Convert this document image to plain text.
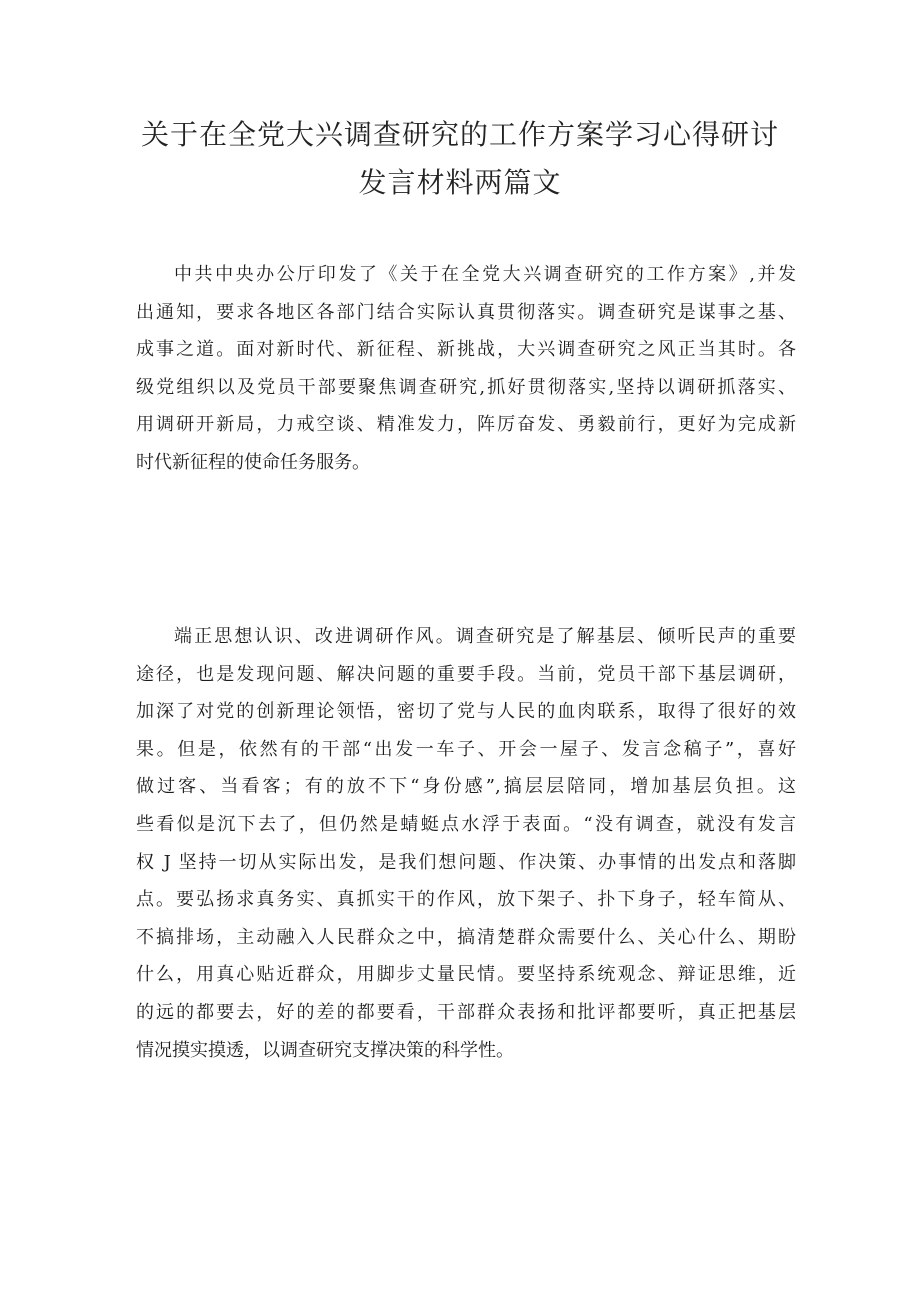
关于在全党大兴调查研究的工作方案学习心得研讨
发言材料两篇文
中共中央办公厅印发了《关于在全党大兴调查研究的工作方案》,并发
出通知，要求各地区各部门结合实际认真贯彻落实。调查研究是谋事之基、
成事之道。面对新时代、新征程、新挑战，大兴调查研究之风正当其时。各
级党组织以及党员干部要聚焦调查研究,抓好贯彻落实,坚持以调研抓落实、
用调研开新局，力戒空谈、精准发力，阵厉奋发、勇毅前行，更好为完成新
时代新征程的使命任务服务。
端正思想认识、改进调研作风。调查研究是了解基层、倾听民声的重要
途径，也是发现问题、解决问题的重要手段。当前，党员干部下基层调研，
加深了对党的创新理论领悟，密切了党与人民的血肉联系，取得了很好的效
果。但是，依然有的干部“出发一车子、开会一屋子、发言念稿子”，喜好
做过客、当看客；有的放不下“身份感”,搞层层陪同，增加基层负担。这
些看似是沉下去了，但仍然是蜻蜓点水浮于表面。“没有调查，就没有发言
权 J 坚持一切从实际出发，是我们想问题、作决策、办事情的出发点和落脚
点。要弘扬求真务实、真抓实干的作风，放下架子、扑下身子，轻车简从、
不搞排场，主动融入人民群众之中，搞清楚群众需要什么、关心什么、期盼
什么，用真心贴近群众，用脚步丈量民情。要坚持系统观念、辩证思维，近
的远的都要去，好的差的都要看，干部群众表扬和批评都要听，真正把基层
情况摸实摸透，以调查研究支撑决策的科学性。
